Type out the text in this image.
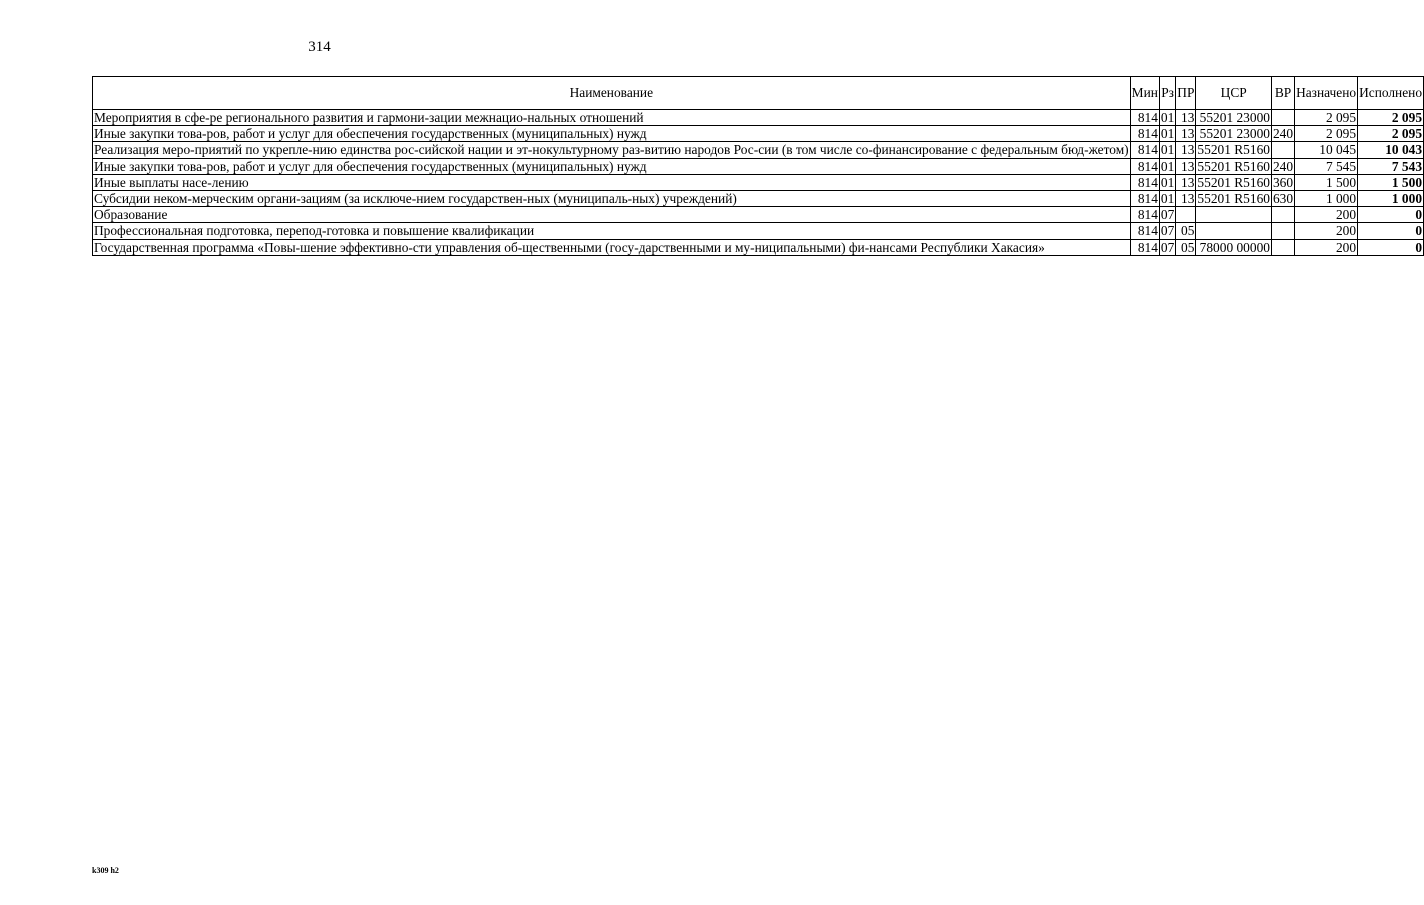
314
Наименование	Мин	Рз	ПР	ЦСР	ВР	Назначено	Исполнено
Мероприятия в сфе-ре регионального развития и гармони-зации межнацио-нальных отношений	814	01	13	55201 23000		2 095	2 095
Иные закупки това-ров, работ и услуг для обеспечения государственных (муниципальных) нужд	814	01	13	55201 23000	240	2 095	2 095
Реализация меро-приятий по укрепле-нию единства рос-сийской нации и эт-нокультурному раз-витию народов Рос-сии (в том числе со-финансирование с федеральным бюд-жетом)	814	01	13	55201 R5160		10 045	10 043
Иные закупки това-ров, работ и услуг для обеспечения государственных (муниципальных) нужд	814	01	13	55201 R5160	240	7 545	7 543
Иные выплаты насе-лению	814	01	13	55201 R5160	360	1 500	1 500
Субсидии неком-мерческим органи-зациям (за исключе-нием государствен-ных (муниципаль-ных) учреждений)	814	01	13	55201 R5160	630	1 000	1 000
Образование	814	07				200	0
Профессиональная подготовка, перепод-готовка и повышение квалификации	814	07	05			200	0
Государственная программа «Повы-шение эффективно-сти управления об-щественными (госу-дарственными и му-ниципальными) фи-нансами Республики Хакасия»	814	07	05	78000 00000		200	0
k309 h2
